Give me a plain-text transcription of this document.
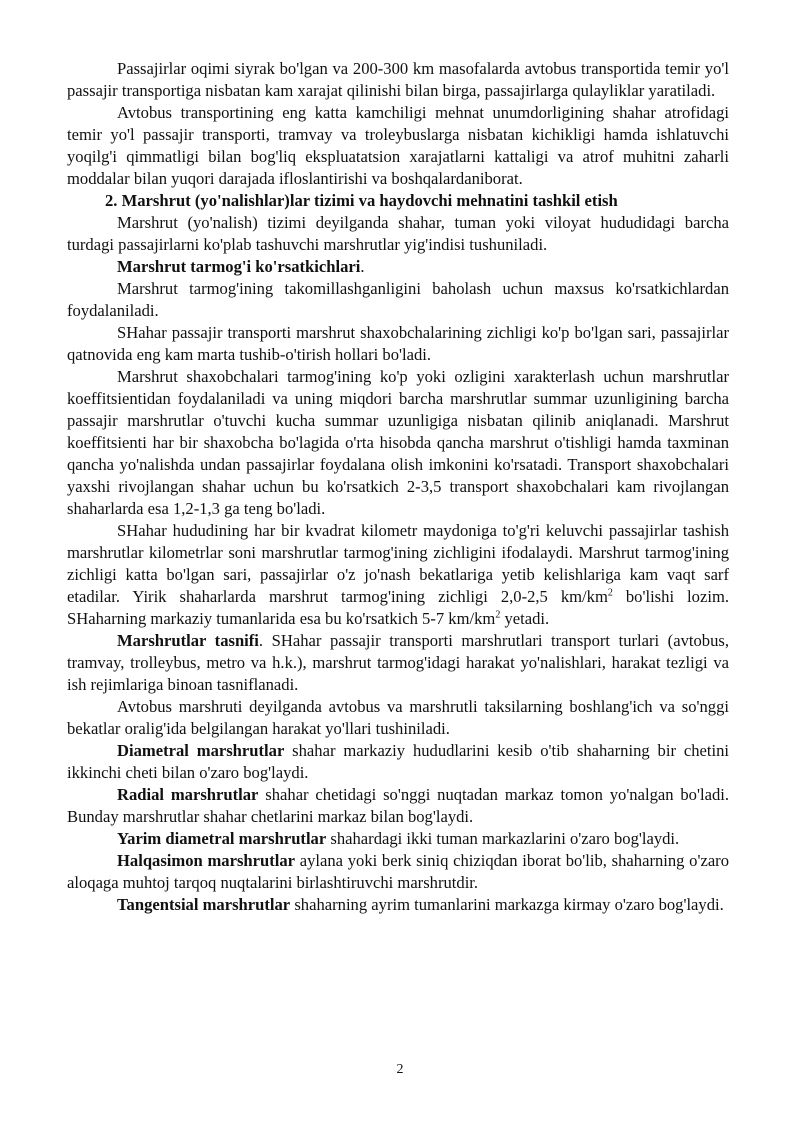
Passajirlar oqimi siyrak bo'lgan va 200-300 km masofalarda avtobus transportida temir yo'l passajir transportiga nisbatan kam xarajat qilinishi bilan birga, passajirlarga qulayliklar yaratiladi.

Avtobus transportining eng katta kamchiligi mehnat unumdorligining shahar atrofidagi temir yo'l passajir transporti, tramvay va troleybuslarga nisbatan kichikligi hamda ishlatuvchi yoqilg'i qimmatligi bilan bog'liq ekspluatatsion xarajatlarni kattaligi va atrof muhitni zaharli moddalar bilan yuqori darajada ifloslantirishi va boshqalardaniborat.

2. Marshrut (yo'nalishlar)lar tizimi va haydovchi mehnatini tashkil etish

Marshrut (yo'nalish) tizimi deyilganda shahar, tuman yoki viloyat hududidagi barcha turdagi passajirlarni ko'plab tashuvchi marshrutlar yig'indisi tushuniladi.

Marshrut tarmog'i ko'rsatkichlari.

Marshrut tarmog'ining takomillashganligini baholash uchun maxsus ko'rsatkichlardan foydalaniladi.

SHahar passajir transporti marshrut shaxobchalarining zichligi ko'p bo'lgan sari, passajirlar qatnovida eng kam marta tushib-o'tirish hollari bo'ladi.

Marshrut shaxobchalari tarmog'ining ko'p yoki ozligini xarakterlash uchun marshrutlar koeffitsientidan foydalaniladi va uning miqdori barcha marshrutlar summar uzunligining barcha passajir marshrutlar o'tuvchi kucha summar uzunligiga nisbatan qilinib aniqlanadi. Marshrut koeffitsienti har bir shaxobcha bo'lagida o'rta hisobda qancha marshrut o'tishligi hamda taxminan qancha yo'nalishda undan passajirlar foydalana olish imkonini ko'rsatadi. Transport shaxobchalari yaxshi rivojlangan shahar uchun bu ko'rsatkich 2-3,5 transport shaxobchalari kam rivojlangan shaharlarda esa 1,2-1,3 ga teng bo'ladi.

SHahar hududining har bir kvadrat kilometr maydoniga to'g'ri keluvchi passajirlar tashish marshrutlar kilometrlar soni marshrutlar tarmog'ining zichligini ifodalaydi. Marshrut tarmog'ining zichligi katta bo'lgan sari, passajirlar o'z jo'nash bekatlariga yetib kelishlariga kam vaqt sarf etadilar. Yirik shaharlarda marshrut tarmog'ining zichligi 2,0-2,5 $km/km^2$ bo'lishi lozim. SHaharning markaziy tumanlarida esa bu ko'rsatkich 5-7 $km/km^2$ yetadi.

Marshrutlar tasnifi. SHahar passajir transporti marshrutlari transport turlari (avtobus, tramvay, trolleybus, metro va h.k.), marshrut tarmog'idagi harakat yo'nalishlari, harakat tezligi va ish rejimlariga binoan tasniflanadi.

Avtobus marshruti deyilganda avtobus va marshrutli taksilarning boshlang'ich va so'nggi bekatlar oralig'ida belgilangan harakat yo'llari tushiniladi.

Diametral marshrutlar shahar markaziy hududlarini kesib o'tib shaharning bir chetini ikkinchi cheti bilan o'zaro bog'laydi.

Radial marshrutlar shahar chetidagi so'nggi nuqtadan markaz tomon yo'nalgan bo'ladi. Bunday marshrutlar shahar chetlarini markaz bilan bog'laydi.

Yarim diametral marshrutlar shahardagi ikki tuman markazlarini o'zaro bog'laydi.

Halqasimon marshrutlar aylana yoki berk siniq chiziqdan iborat bo'lib, shaharning o'zaro aloqaga muhtoj tarqoq nuqtalarini birlashtiruvchi marshrutdir.

Tangentsial marshrutlar shaharning ayrim tumanlarini markazga kirmay o'zaro bog'laydi.

2
